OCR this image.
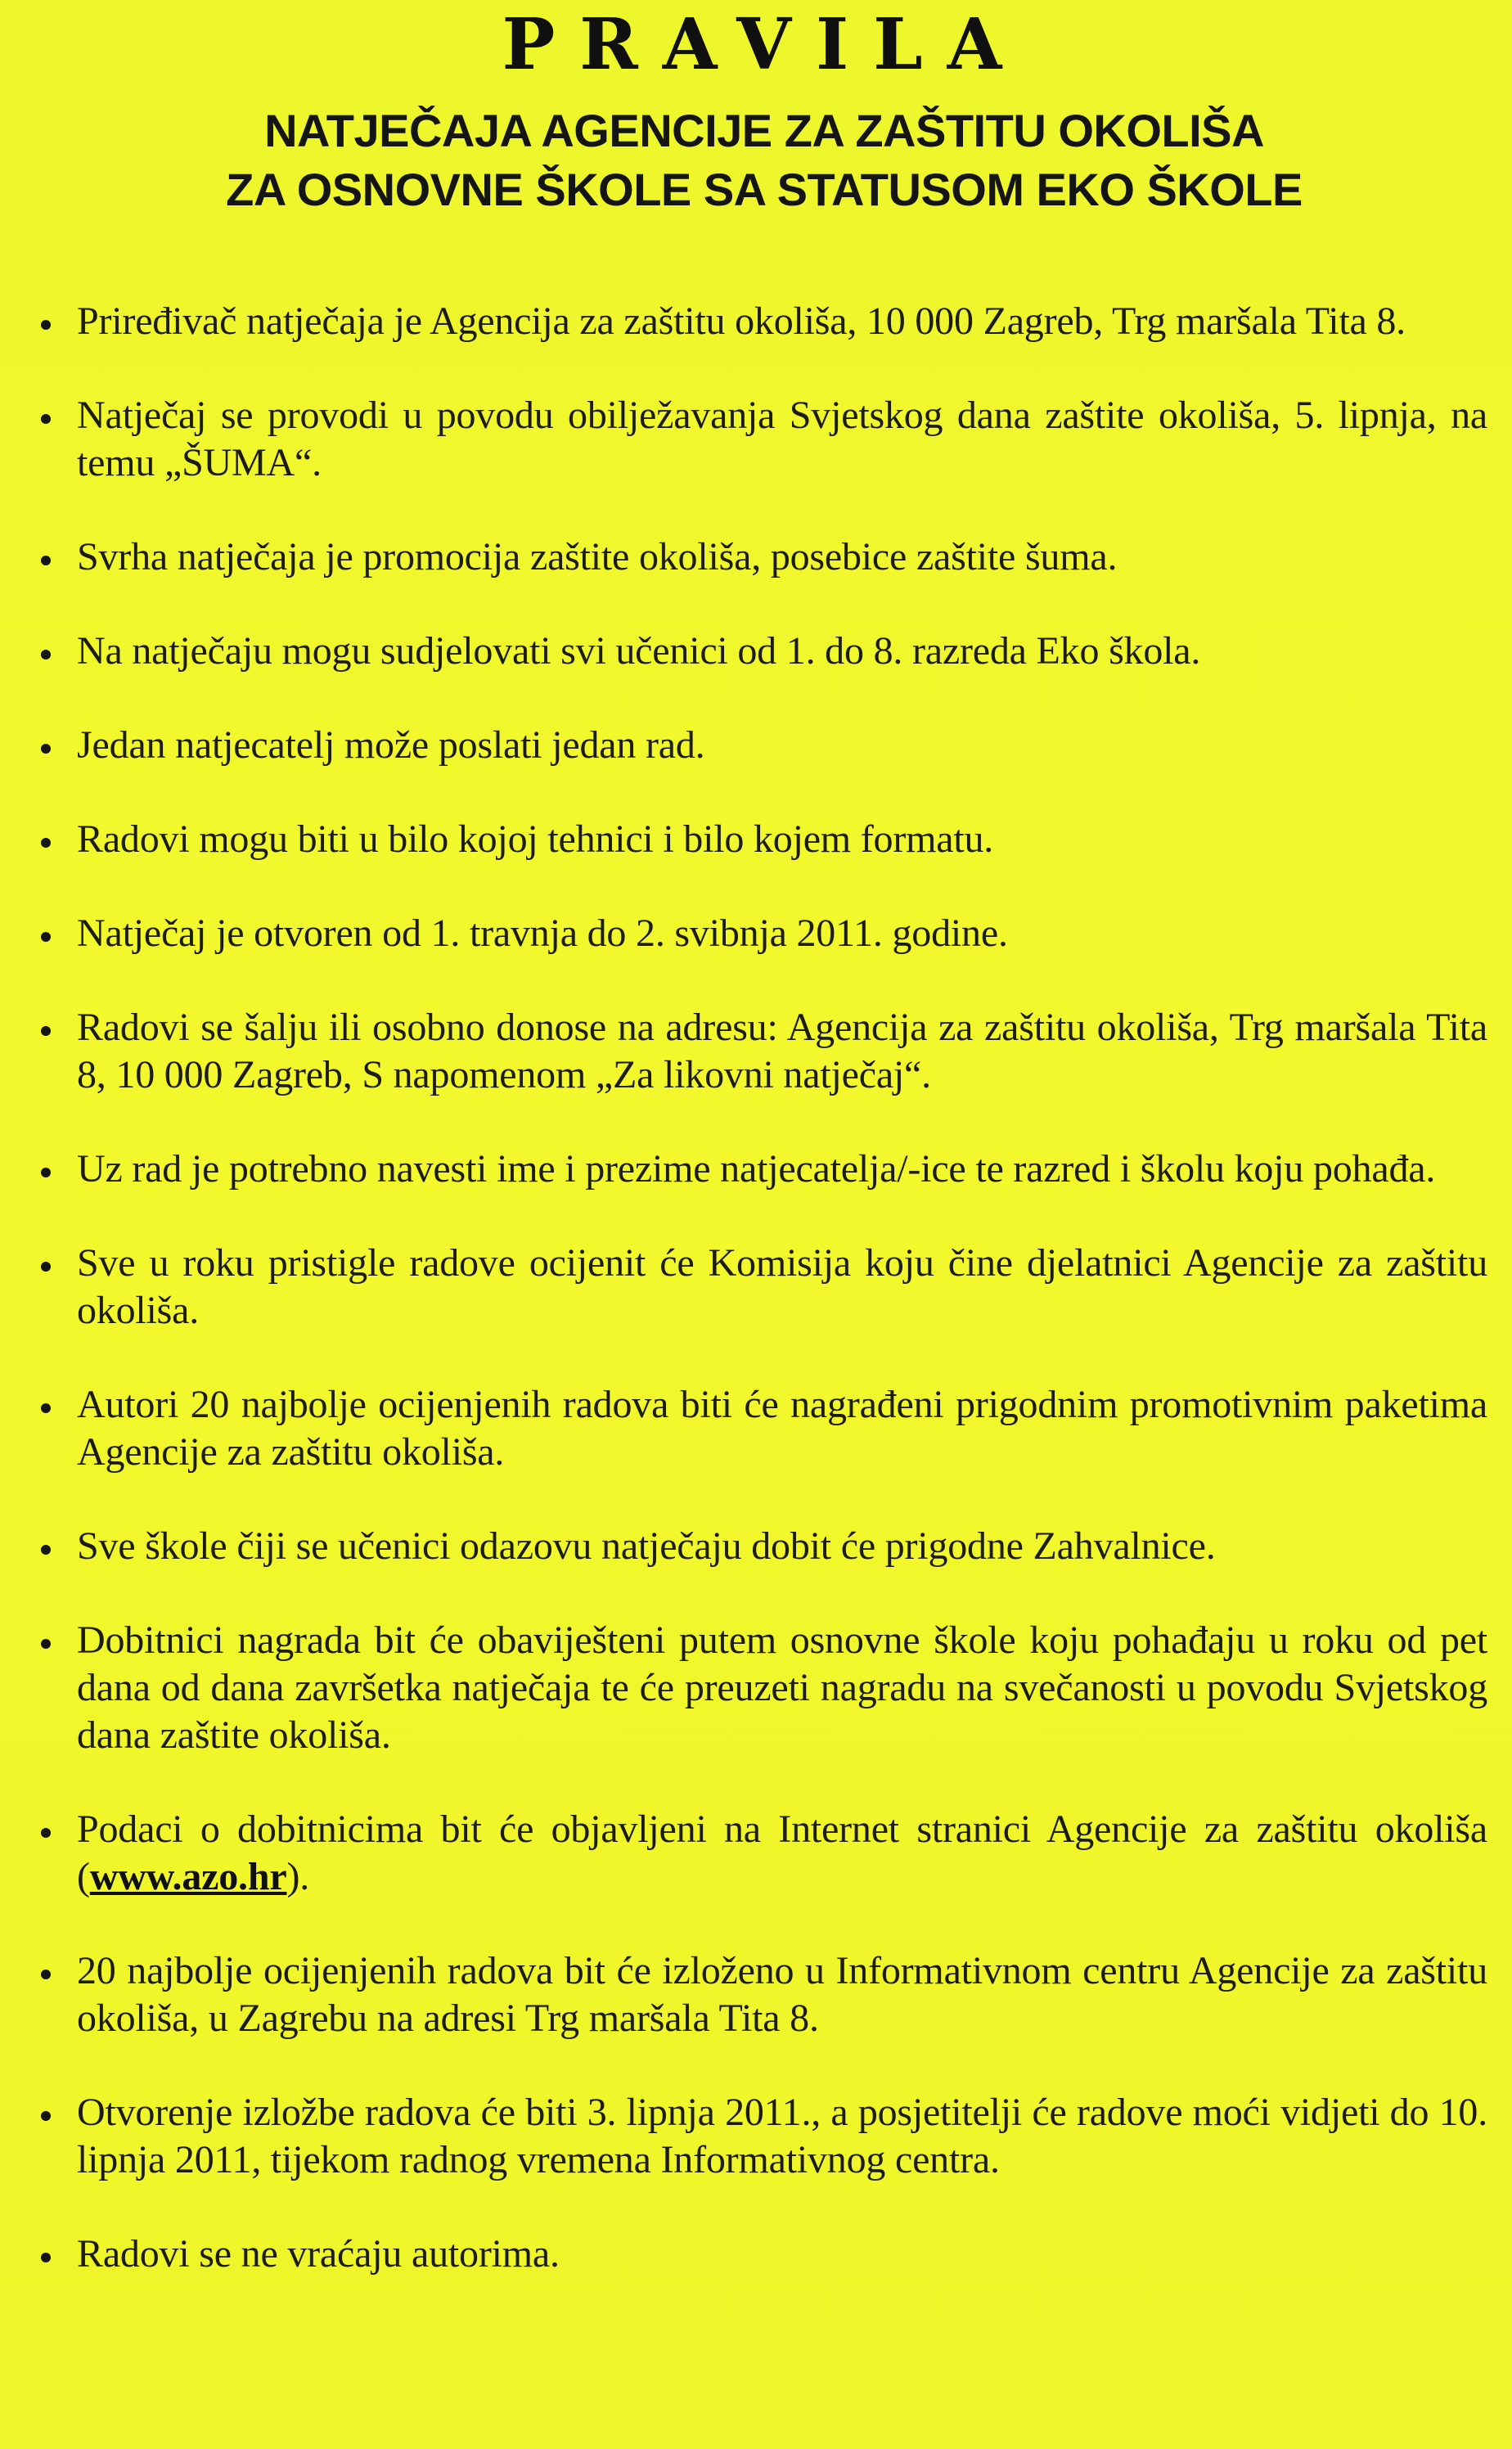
PRAVILA
NATJEČAJA AGENCIJE ZA ZAŠTITU OKOLIŠA
ZA OSNOVNE ŠKOLE SA STATUSOM EKO ŠKOLE
Priređivač natječaja je Agencija za zaštitu okoliša, 10 000 Zagreb, Trg maršala Tita 8.
Natječaj se provodi u povodu obilježavanja Svjetskog dana zaštite okoliša, 5. lipnja, na temu „ŠUMA“.
Svrha natječaja je promocija zaštite okoliša, posebice zaštite šuma.
Na natječaju mogu sudjelovati svi učenici od 1. do 8. razreda Eko škola.
Jedan natjecatelj može poslati jedan rad.
Radovi mogu biti u bilo kojoj tehnici i bilo kojem formatu.
Natječaj je otvoren od 1. travnja do 2. svibnja 2011. godine.
Radovi se šalju ili osobno donose na adresu: Agencija za zaštitu okoliša, Trg maršala Tita 8, 10 000 Zagreb, S napomenom „Za likovni natječaj“.
Uz rad je potrebno navesti ime i prezime natjecatelja/-ice te razred i školu koju pohađa.
Sve u roku pristigle radove ocijenit će Komisija koju čine djelatnici Agencije za zaštitu okoliša.
Autori 20 najbolje ocijenjenih radova biti će nagrađeni prigodnim promotivnim paketima Agencije za zaštitu okoliša.
Sve škole čiji se učenici odazovu natječaju dobit će prigodne Zahvalnice.
Dobitnici nagrada bit će obaviješteni putem osnovne škole koju pohađaju u roku od pet dana od dana završetka natječaja te će preuzeti nagradu na svečanosti u povodu Svjetskog dana zaštite okoliša.
Podaci o dobitnicima bit će objavljeni na Internet stranici Agencije za zaštitu okoliša (www.azo.hr).
20 najbolje ocijenjenih radova bit će izloženo u Informativnom centru Agencije za zaštitu okoliša, u Zagrebu na adresi Trg maršala Tita 8.
Otvorenje izložbe radova će biti 3. lipnja 2011., a posjetitelji će radove moći vidjeti do 10. lipnja 2011, tijekom radnog vremena Informativnog centra.
Radovi se ne vraćaju autorima.
